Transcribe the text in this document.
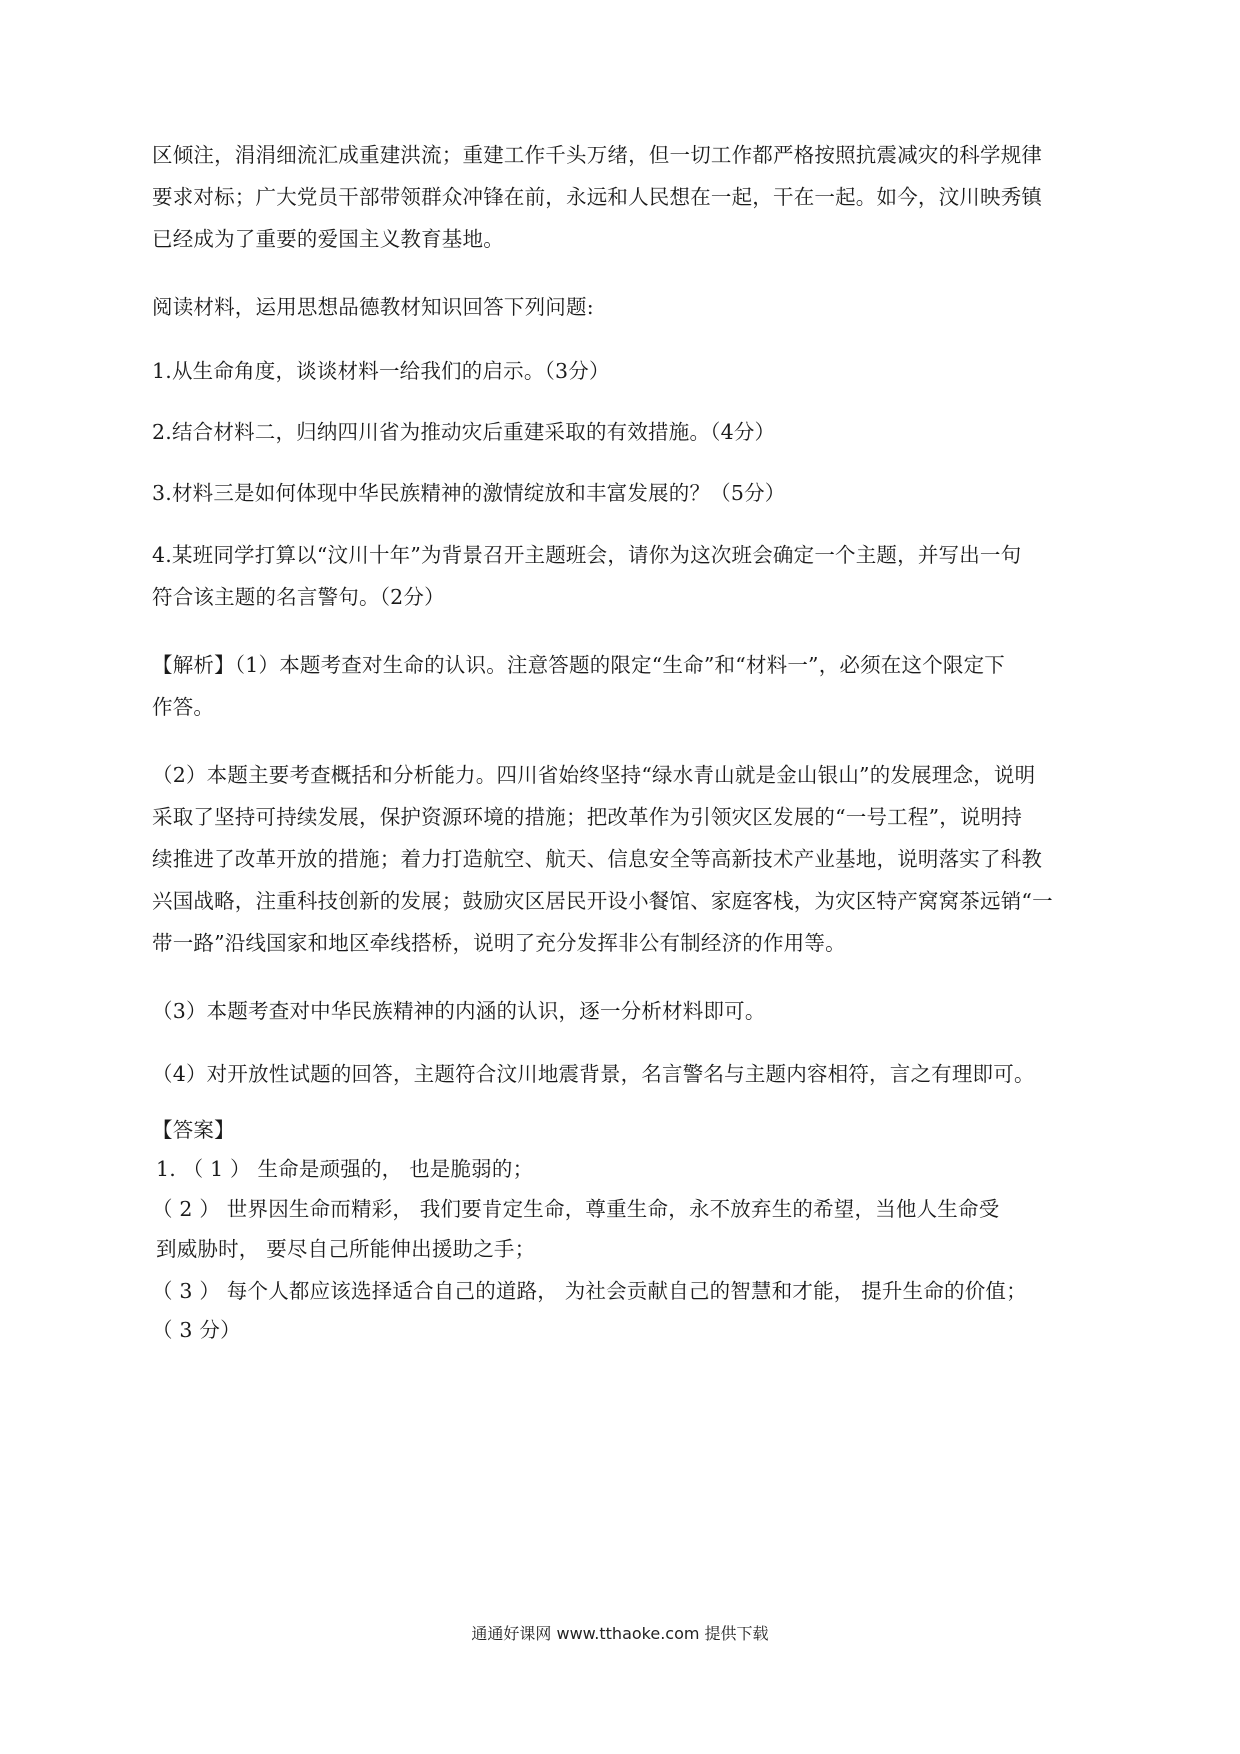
区倾注，涓涓细流汇成重建洪流；重建工作千头万绪，但一切工作都严格按照抗震减灾的科学规律
要求对标；广大党员干部带领群众冲锋在前，永远和人民想在一起，干在一起。如今，汶川映秀镇
已经成为了重要的爱国主义教育基地。
阅读材料，运用思想品德教材知识回答下列问题:
1.从生命角度，谈谈材料一给我们的启示。（3分）
2.结合材料二，归纳四川省为推动灾后重建采取的有效措施。（4分）
3.材料三是如何体现中华民族精神的激情绽放和丰富发展的？（5分）
4.某班同学打算以“汶川十年”为背景召开主题班会，请你为这次班会确定一个主题，并写出一句
符合该主题的名言警句。（2分）
【解析】（1）本题考查对生命的认识。注意答题的限定“生命”和“材料一”，必须在这个限定下
作答。
（2）本题主要考查概括和分析能力。四川省始终坚持“绿水青山就是金山银山”的发展理念，说明
采取了坚持可持续发展，保护资源环境的措施；把改革作为引领灾区发展的“一号工程”，说明持
续推进了改革开放的措施；着力打造航空、航天、信息安全等高新技术产业基地，说明落实了科教
兴国战略，注重科技创新的发展；鼓励灾区居民开设小餐馆、家庭客栈，为灾区特产窝窝茶远销“一
带一路”沿线国家和地区牵线搭桥，说明了充分发挥非公有制经济的作用等。
（3）本题考查对中华民族精神的内涵的认识，逐一分析材料即可。
（4）对开放性试题的回答，主题符合汶川地震背景，名言警名与主题内容相符，言之有理即可。
【答案】
1. （ 1 ） 生命是顽强的， 也是脆弱的；
（ 2 ） 世界因生命而精彩， 我们要肯定生命，尊重生命，永不放弃生的希望，当他人生命受
到威胁时， 要尽自己所能伸出援助之手；
（ 3 ） 每个人都应该选择适合自己的道路， 为社会贡献自己的智慧和才能， 提升生命的价值；
（ 3 分）
通通好课网 www.tthaoke.com 提供下载
